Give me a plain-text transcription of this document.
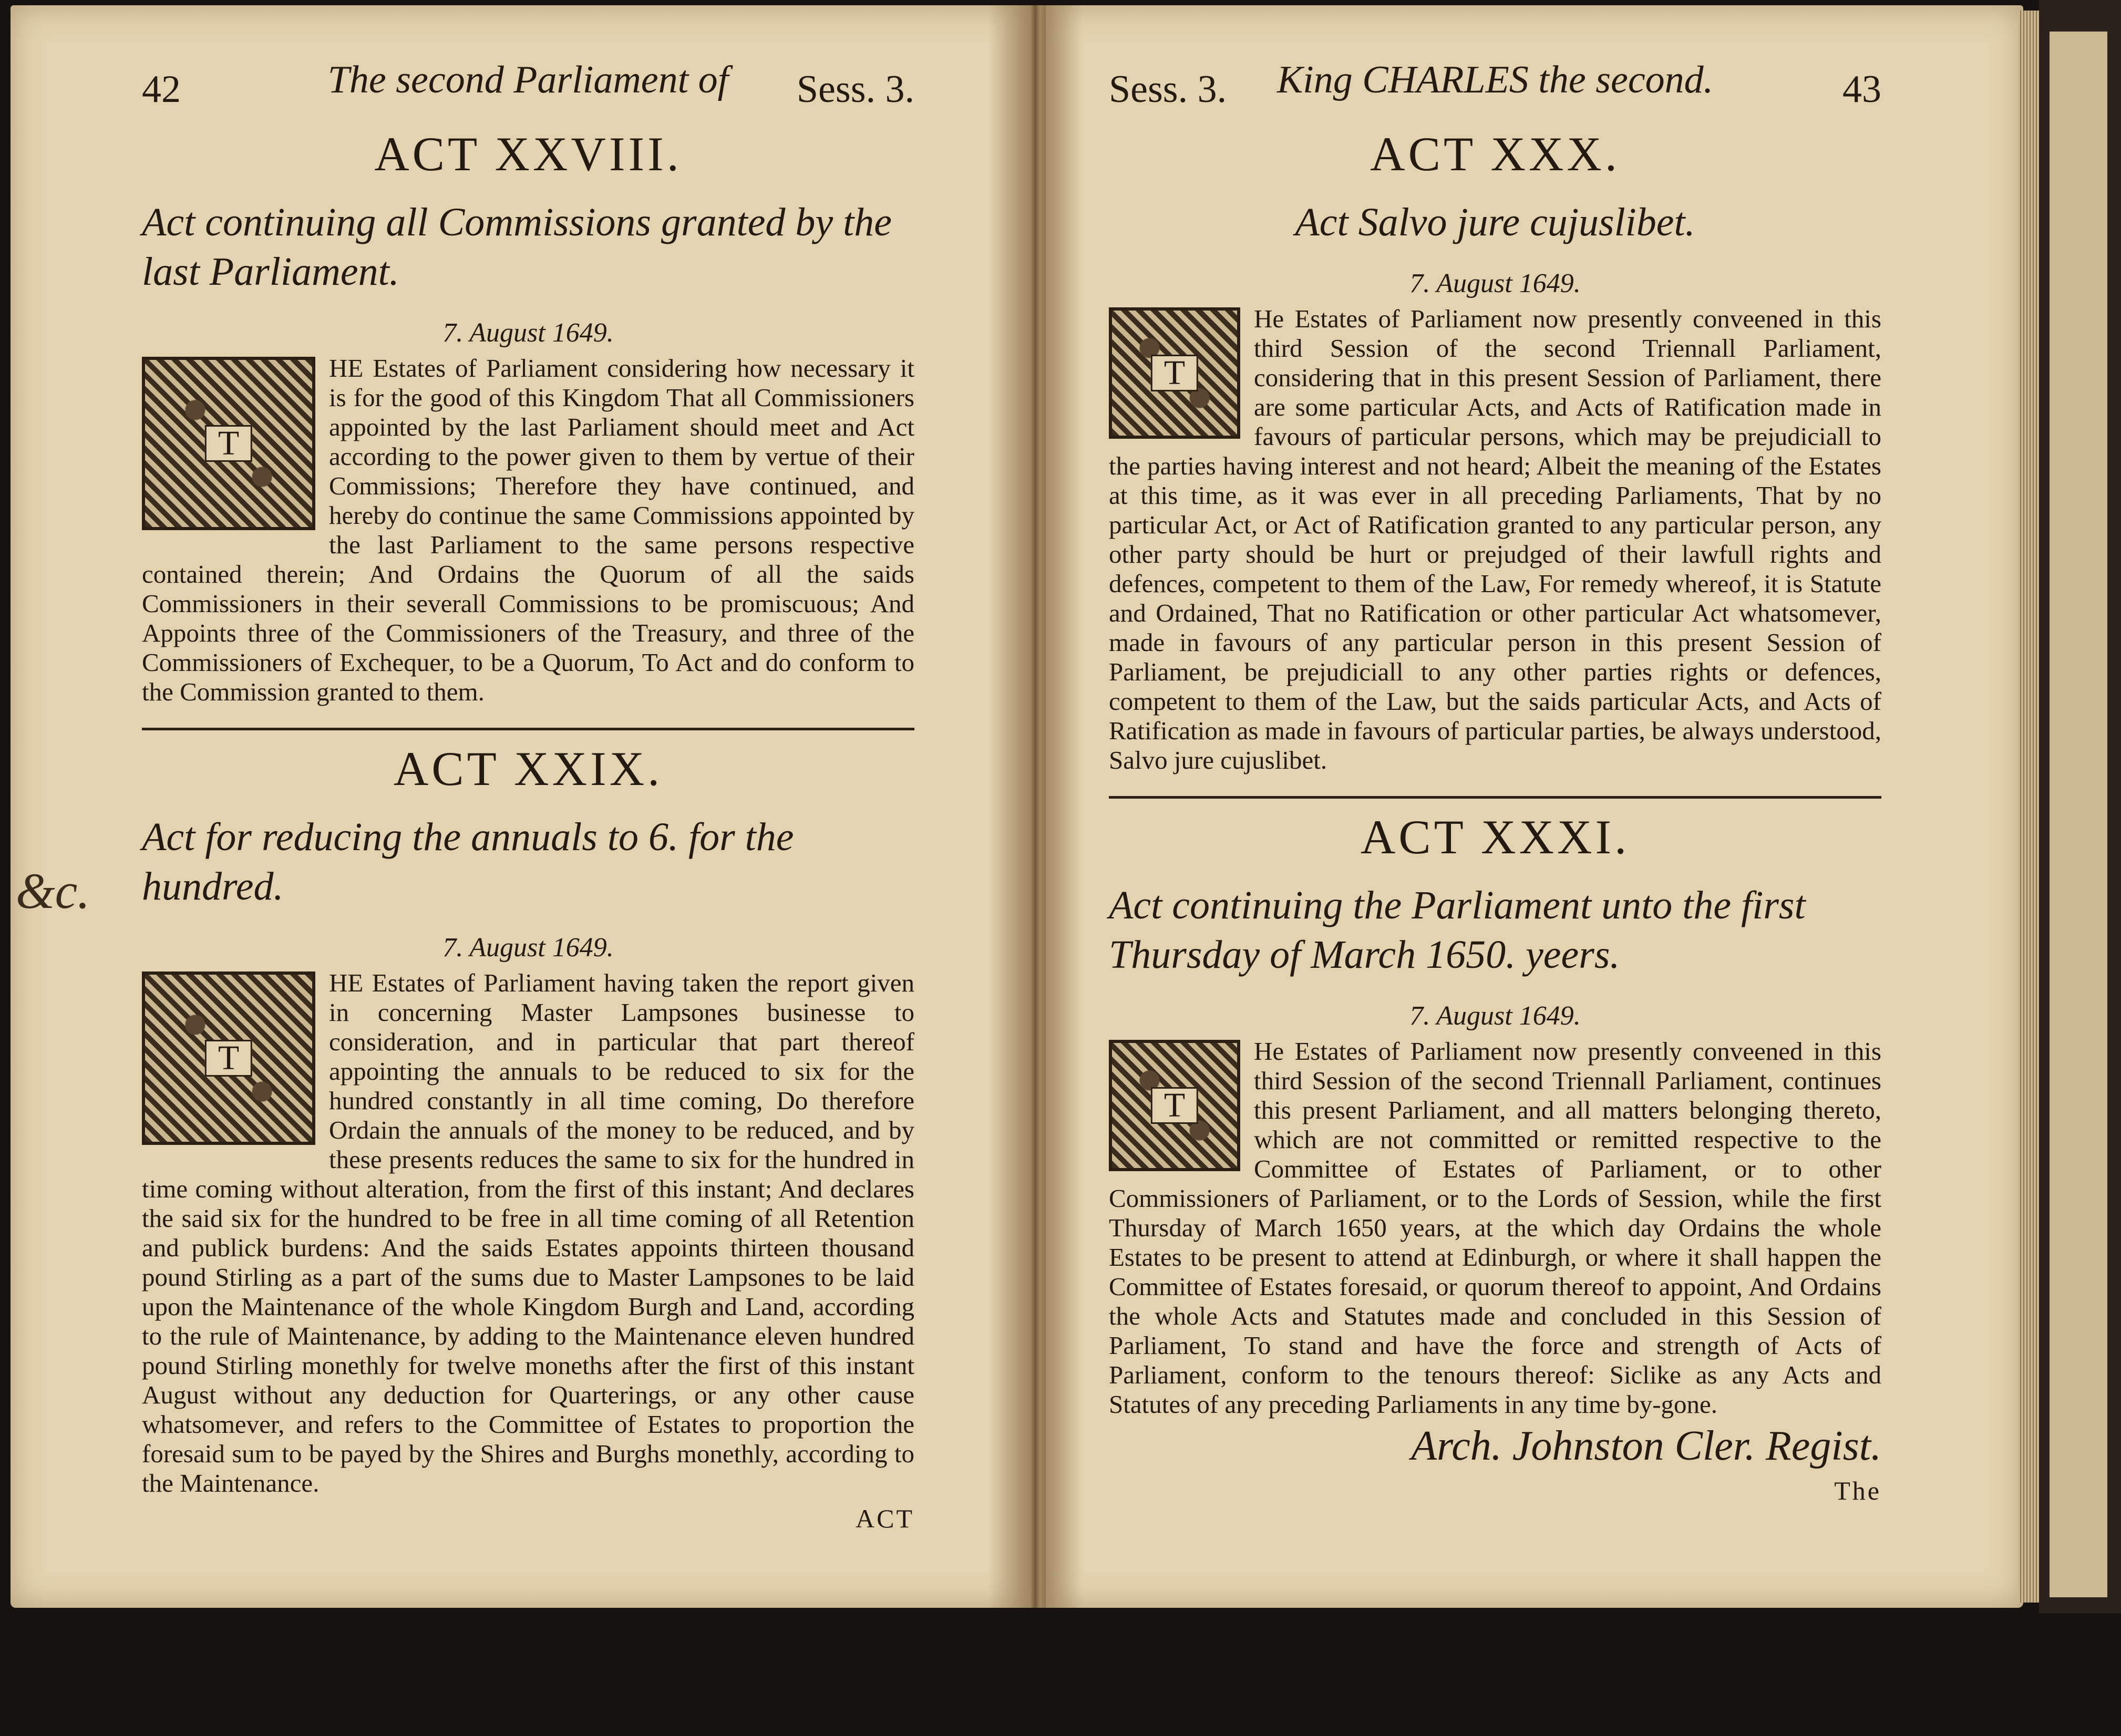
&c.
42	The second Parliament of	Sess. 3.
ACT XXVIII.
Act continuing all Commissions granted by the last Parliament.
7. August 1649.

T
HE Estates of Parliament considering how necessary it is for the good of this Kingdom That all Commissioners appointed by the last Parliament should meet and Act according to the power given to them by vertue of their Commissions; Therefore they have continued, and hereby do continue the same Commissions appointed by the last Parliament to the same persons respective contained therein; And Ordains the Quorum of all the saids Commissioners in their severall Commissions to be promiscuous; And Appoints three of the Commissioners of the Treasury, and three of the Commissioners of Exchequer, to be a Quorum, To Act and do conform to the Commission granted to them.

ACT XXIX.
Act for reducing the annuals to 6. for the hundred.
7. August 1649.

T
HE Estates of Parliament having taken the report given in concerning Master Lampsones businesse to consideration, and in particular that part thereof appointing the annuals to be reduced to six for the hundred constantly in all time coming, Do therefore Ordain the annuals of the money to be reduced, and by these presents reduces the same to six for the hundred in time coming without alteration, from the first of this instant; And declares the said six for the hundred to be free in all time coming of all Retention and publick burdens: And the saids Estates appoints thirteen thousand pound Stirling as a part of the sums due to Master Lampsones to be laid upon the Maintenance of the whole Kingdom Burgh and Land, according to the rule of Maintenance, by adding to the Maintenance eleven hundred pound Stirling monethly for twelve moneths after the first of this instant August without any deduction for Quarterings, or any other cause whatsomever, and refers to the Committee of Estates to proportion the foresaid sum to be payed by the Shires and Burghs monethly, according to the Maintenance.

ACT
Sess. 3.	King CHARLES the second.	43
ACT XXX.
Act Salvo jure cujuslibet.
7. August 1649.

T
He Estates of Parliament now presently conveened in this third Session of the second Triennall Parliament, considering that in this present Session of Parliament, there are some particular Acts, and Acts of Ratification made in favours of particular persons, which may be prejudiciall to the parties having interest and not heard; Albeit the meaning of the Estates at this time, as it was ever in all preceding Parliaments, That by no particular Act, or Act of Ratification granted to any particular person, any other party should be hurt or prejudged of their lawfull rights and defences, competent to them of the Law, For remedy whereof, it is Statute and Ordained, That no Ratification or other particular Act whatsomever, made in favours of any particular person in this present Session of Parliament, be prejudiciall to any other parties rights or defences, competent to them of the Law, but the saids particular Acts, and Acts of Ratification as made in favours of particular parties, be always understood, Salvo jure cujuslibet.

ACT XXXI.
Act continuing the Parliament unto the first Thursday of March 1650. yeers.
7. August 1649.

T
He Estates of Parliament now presently conveened in this third Session of the second Triennall Parliament, continues this present Parliament, and all matters belonging thereto, which are not committed or remitted respective to the Committee of Estates of Parliament, or to other Commissioners of Parliament, or to the Lords of Session, while the first Thursday of March 1650 years, at the which day Ordains the whole Estates to be present to attend at Edinburgh, or where it shall happen the Committee of Estates foresaid, or quorum thereof to appoint, And Ordains the whole Acts and Statutes made and concluded in this Session of Parliament, To stand and have the force and strength of Acts of Parliament, conform to the tenours thereof: Siclike as any Acts and Statutes of any preceding Parliaments in any time by-gone.

Arch. Johnston Cler. Regist.
The
